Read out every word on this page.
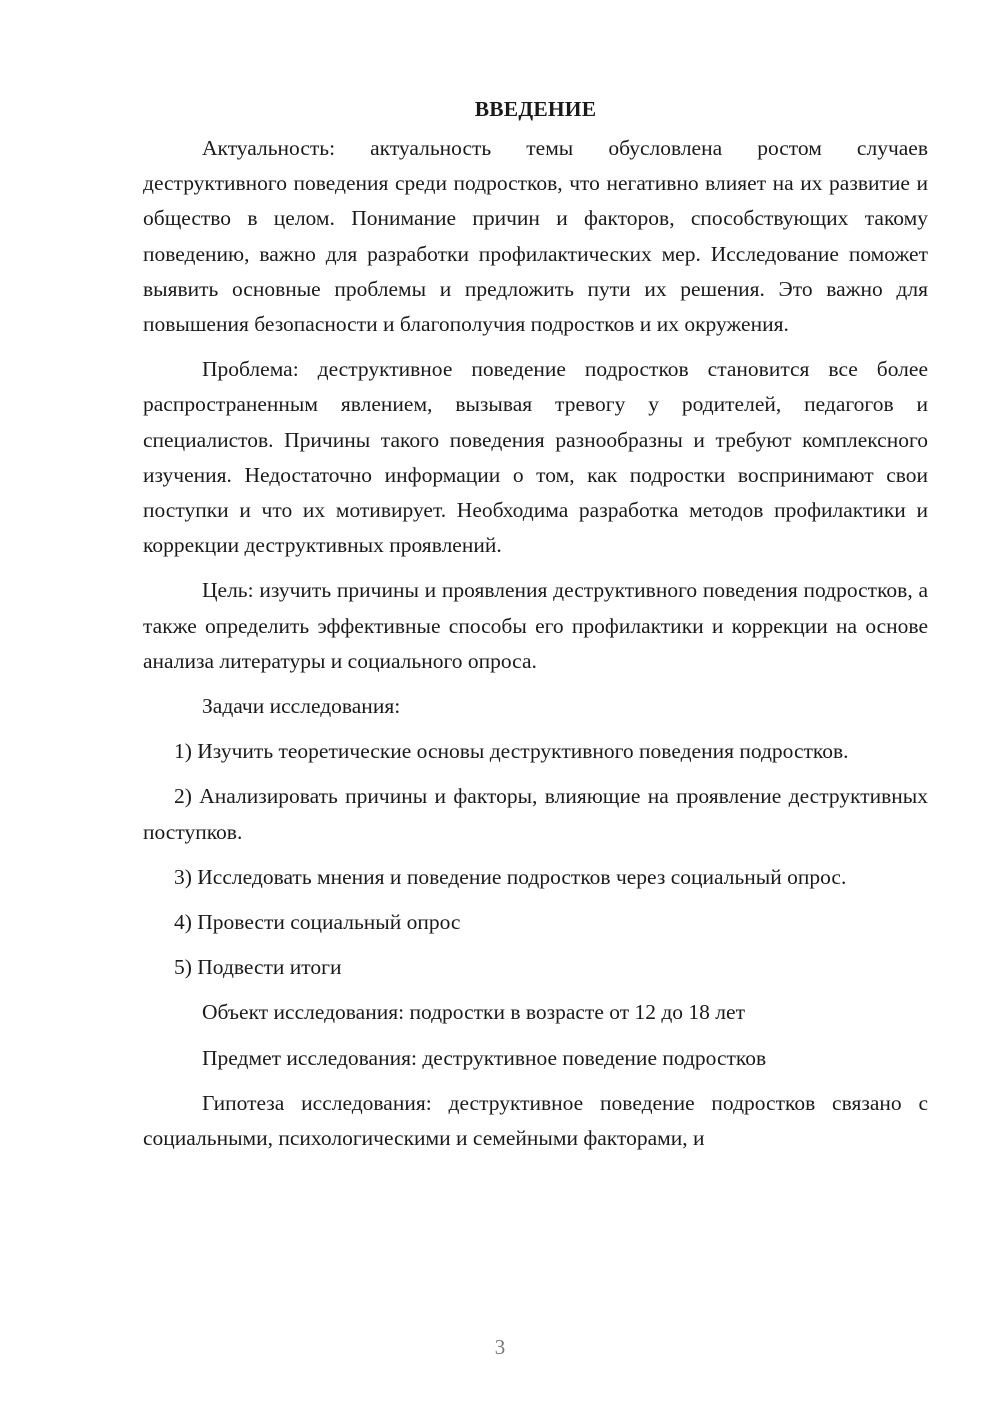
ВВЕДЕНИЕ

Актуальность: актуальность темы обусловлена ростом случаев деструктивного поведения среди подростков, что негативно влияет на их развитие и общество в целом. Понимание причин и факторов, способствующих такому поведению, важно для разработки профилактических мер. Исследование поможет выявить основные проблемы и предложить пути их решения. Это важно для повышения безопасности и благополучия подростков и их окружения.

Проблема: деструктивное поведение подростков становится все более распространенным явлением, вызывая тревогу у родителей, педагогов и специалистов. Причины такого поведения разнообразны и требуют комплексного изучения. Недостаточно информации о том, как подростки воспринимают свои поступки и что их мотивирует. Необходима разработка методов профилактики и коррекции деструктивных проявлений.

Цель: изучить причины и проявления деструктивного поведения подростков, а также определить эффективные способы его профилактики и коррекции на основе анализа литературы и социального опроса.

Задачи исследования:

1) Изучить теоретические основы деструктивного поведения подростков.

2) Анализировать причины и факторы, влияющие на проявление деструктивных поступков.

3) Исследовать мнения и поведение подростков через социальный опрос.

4) Провести социальный опрос

5) Подвести итоги

Объект исследования: подростки в возрасте от 12 до 18 лет

Предмет исследования: деструктивное поведение подростков

Гипотеза исследования: деструктивное поведение подростков связано с социальными, психологическими и семейными факторами, и

3
